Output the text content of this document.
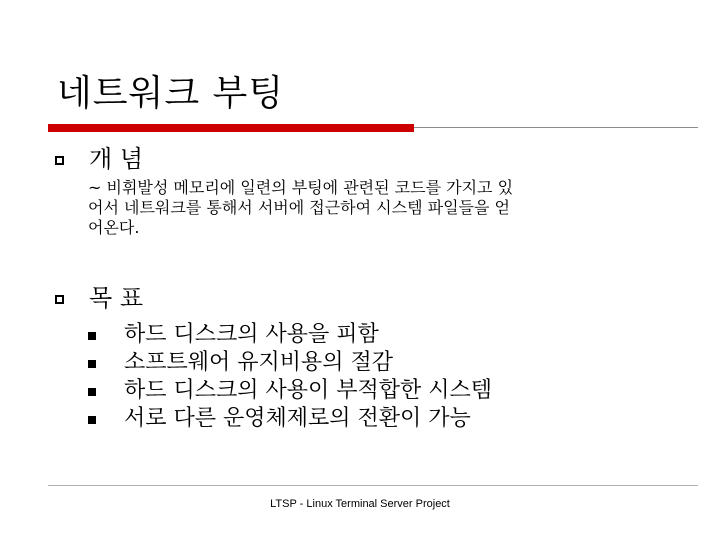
네트워크 부팅
개 념
~ 비휘발성 메모리에 일련의 부팅에 관련된 코드를 가지고 있
어서 네트워크를 통해서 서버에 접근하여 시스템 파일들을 얻
어온다.
목 표
하드 디스크의 사용을 피함
소프트웨어 유지비용의 절감
하드 디스크의 사용이 부적합한 시스템
서로 다른 운영체제로의 전환이 가능
LTSP - Linux Terminal Server Project
